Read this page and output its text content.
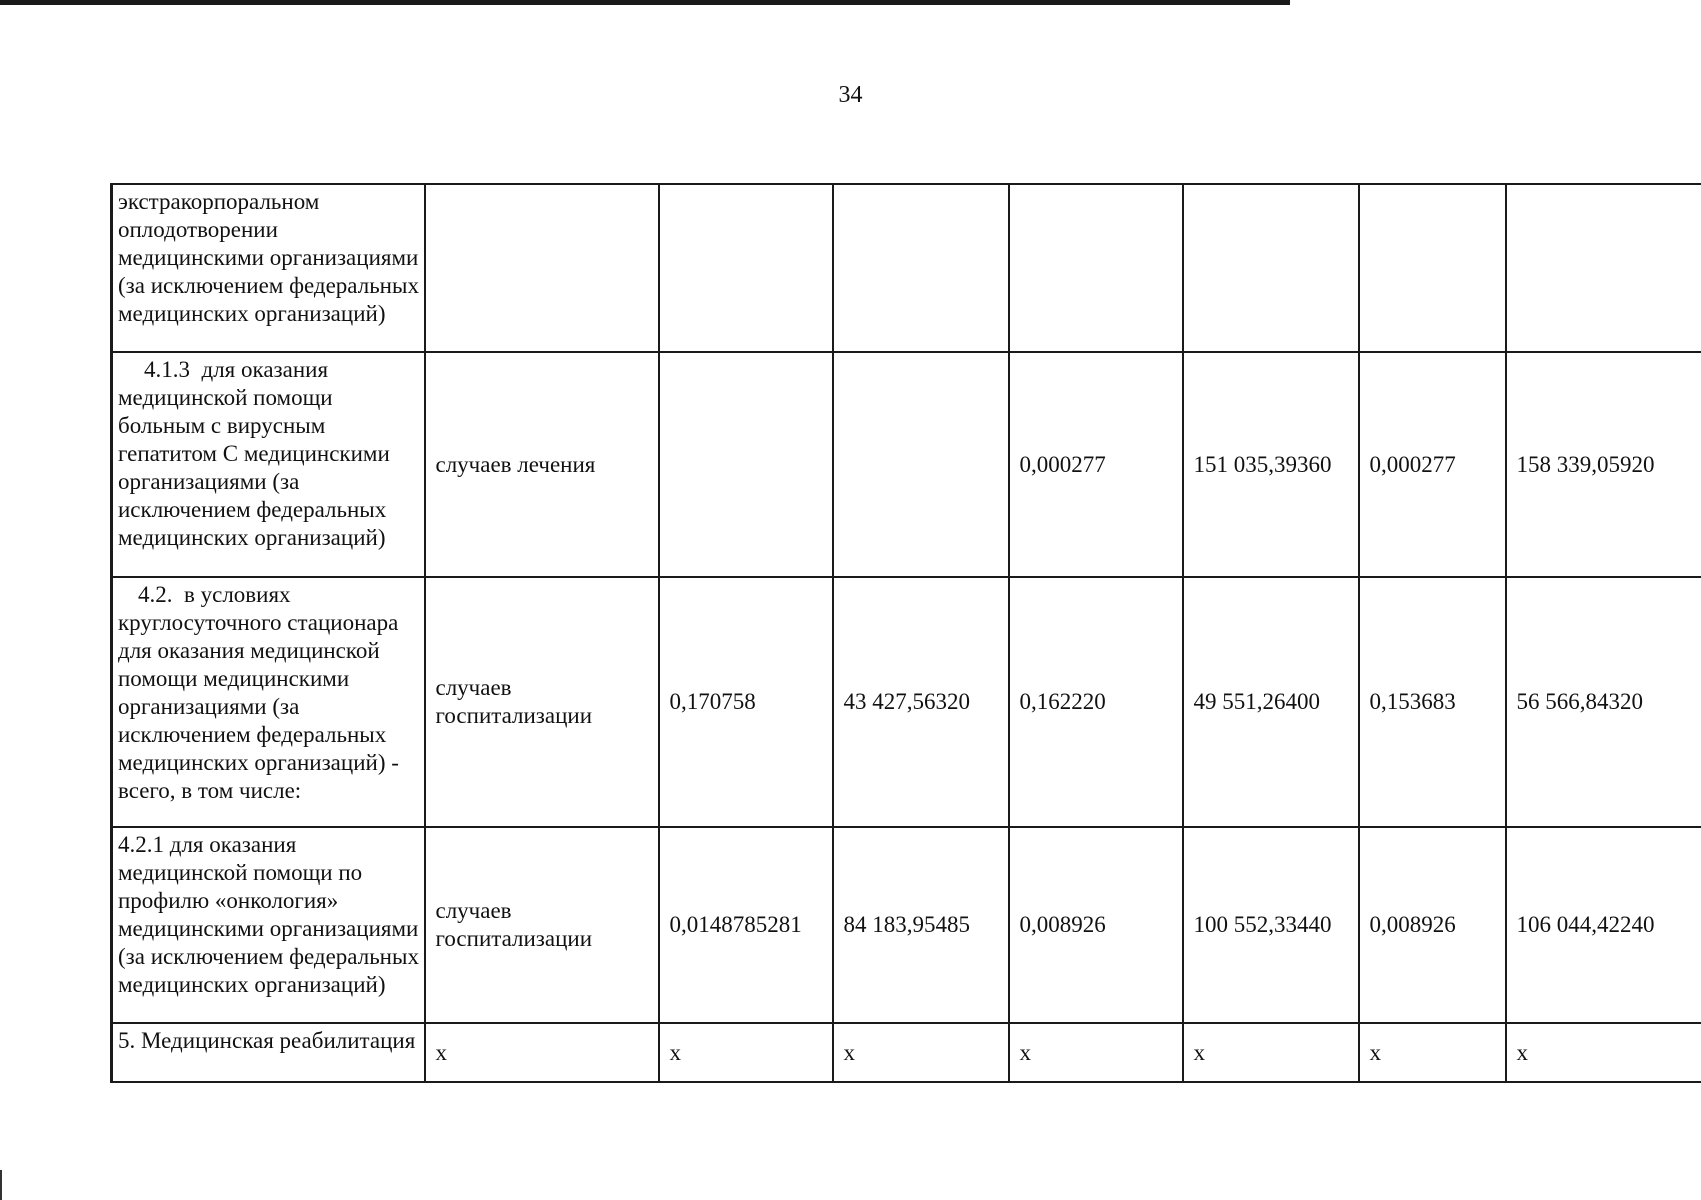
34
экстракорпоральном оплодотворении медицинскими организациями (за исключением федеральных медицинских организаций)							
4.1.3 для оказания медицинской помощи больным с вирусным гепатитом С медицинскими организациями (за исключением федеральных медицинских организаций)	случаев лечения			0,000277	151 035,39360	0,000277	158 339,05920
4.2. в условиях круглосуточного стационара для оказания медицинской помощи медицинскими организациями (за исключением федеральных медицинских организаций) - всего, в том числе:	случаев госпитализации	0,170758	43 427,56320	0,162220	49 551,26400	0,153683	56 566,84320
4.2.1 для оказания медицинской помощи по профилю «онкология» медицинскими организациями (за исключением федеральных медицинских организаций)	случаев госпитализации	0,0148785281	84 183,95485	0,008926	100 552,33440	0,008926	106 044,42240
5. Медицинская реабилитация	х	х	х	х	х	х	х
